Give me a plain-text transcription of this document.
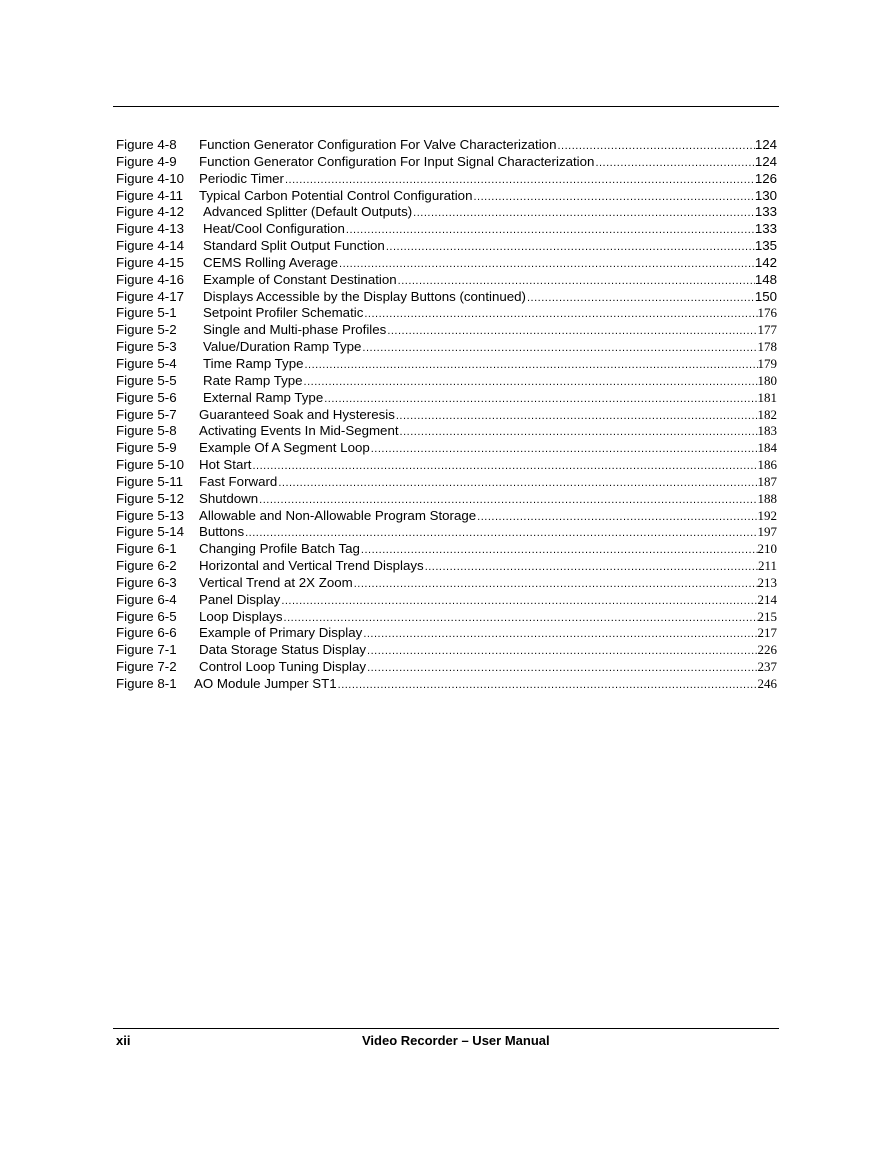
Figure 4-8	Function Generator Configuration For Valve Characterization .....	124
Figure 4-9	Function Generator Configuration For Input Signal Characterization .....	124
Figure 4-10	Periodic Timer .....	126
Figure 4-11	Typical Carbon Potential Control Configuration .....	130
Figure 4-12	Advanced Splitter (Default Outputs) .....	133
Figure 4-13	Heat/Cool Configuration .....	133
Figure 4-14	Standard Split Output Function .....	135
Figure 4-15	CEMS Rolling Average .....	142
Figure 4-16	Example of Constant Destination .....	148
Figure 4-17	Displays Accessible by the Display Buttons (continued) .....	150
Figure 5-1	Setpoint Profiler Schematic .....	176
Figure 5-2	Single and Multi-phase Profiles .....	177
Figure 5-3	Value/Duration Ramp Type .....	178
Figure 5-4	Time Ramp Type .....	179
Figure 5-5	Rate Ramp Type .....	180
Figure 5-6	External Ramp Type .....	181
Figure 5-7	Guaranteed Soak and Hysteresis .....	182
Figure 5-8	Activating Events In Mid-Segment .....	183
Figure 5-9	Example Of A Segment Loop .....	184
Figure 5-10	Hot Start .....	186
Figure 5-11	Fast Forward .....	187
Figure 5-12	Shutdown .....	188
Figure 5-13	Allowable and Non-Allowable Program Storage .....	192
Figure 5-14	Buttons .....	197
Figure 6-1	Changing Profile Batch Tag .....	210
Figure 6-2	Horizontal and Vertical Trend Displays .....	211
Figure 6-3	Vertical Trend at 2X Zoom .....	213
Figure 6-4	Panel Display .....	214
Figure 6-5	Loop Displays .....	215
Figure 6-6	Example of Primary Display .....	217
Figure 7-1	Data Storage Status Display .....	226
Figure 7-2	Control Loop Tuning Display .....	237
Figure 8-1	AO Module Jumper ST1 .....	246
xii	Video Recorder – User Manual
